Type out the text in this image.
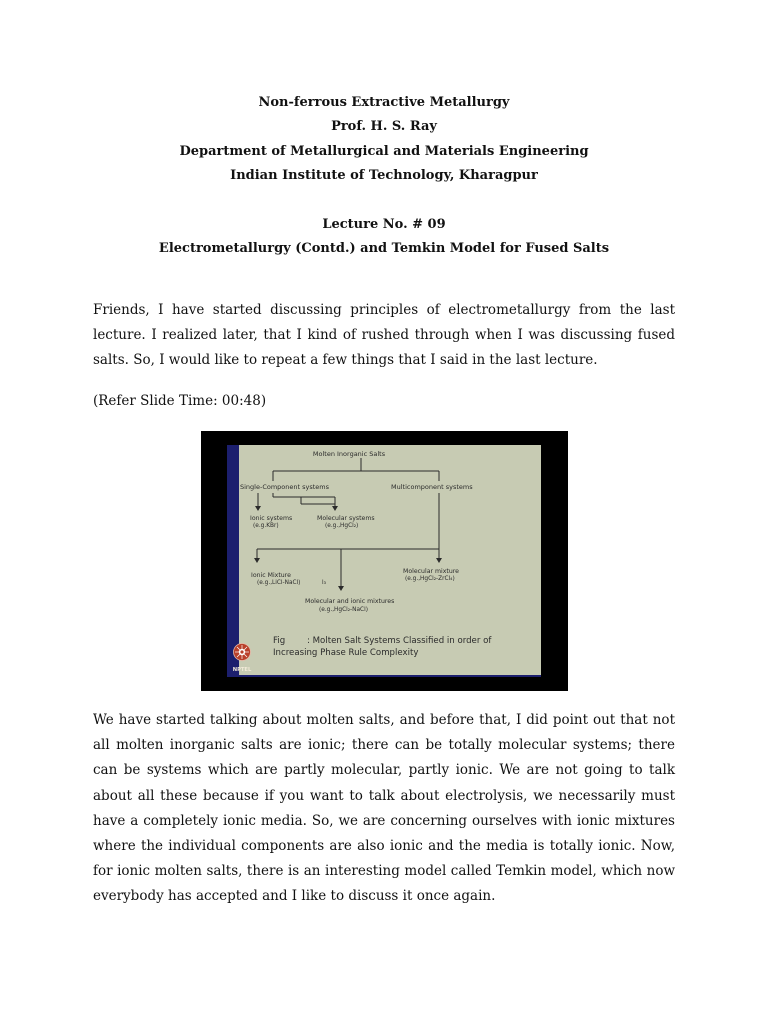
Non-ferrous Extractive Metallurgy
Prof. H. S. Ray
Department of Metallurgical and Materials Engineering
Indian Institute of Technology, Kharagpur
Lecture No. # 09
Electrometallurgy (Contd.) and Temkin Model for Fused Salts

Friends, I have started discussing principles of electrometallurgy from the last lecture. I realized later, that I kind of rushed through when I was discussing fused salts. So, I would like to repeat a few things that I said in the last lecture.

(Refer Slide Time: 00:48)
Molten Inorganic Salts
Single-Component systems	Multicomponent systems
Ionic systems
(e.g.KBr)
Molecular systems
(e.g.,HgCl₂)
Ionic Mixture
(e.g.,LiCl-NaCl)	l₃
Molecular mixture
(e.g.,HgCl₂-ZrCl₄)
Molecular and ionic mixtures
(e.g.,HgCl₂-NaCl)
Fig        : Molten Salt Systems Classified in order of
Increasing Phase Rule Complexity
NPTEL

We have started talking about molten salts, and before that, I did point out that not all molten inorganic salts are ionic; there can be totally molecular systems; there can be systems which are partly molecular, partly ionic. We are not going to talk about all these because if you want to talk about electrolysis, we necessarily must have a completely ionic media. So, we are concerning ourselves with ionic mixtures where the individual components are also ionic and the media is totally ionic. Now, for ionic molten salts, there is an interesting model called Temkin model, which now everybody has accepted and I like to discuss it once again.
